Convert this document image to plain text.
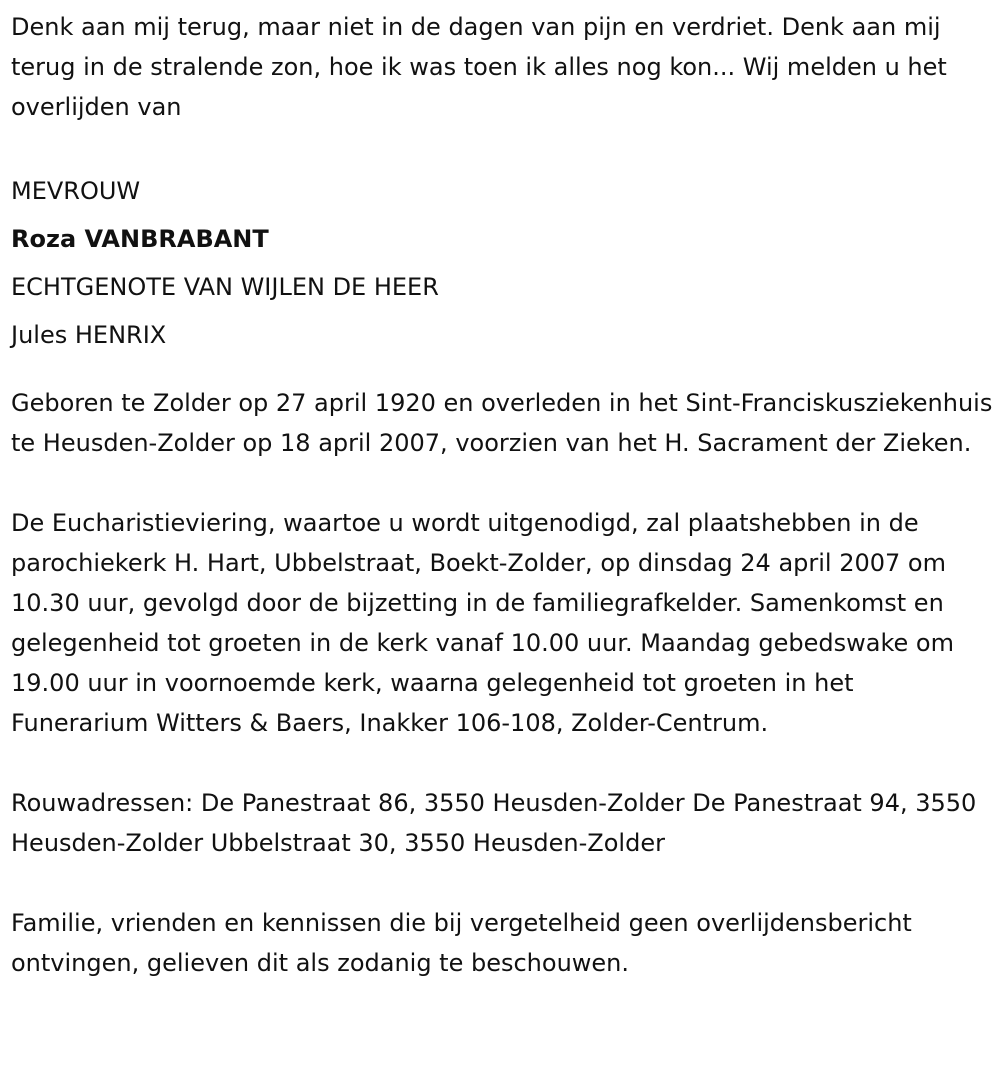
Denk aan mij terug, maar niet in de dagen van pijn en verdriet. Denk aan mij terug in de stralende zon, hoe ik was toen ik alles nog kon... Wij melden u het overlijden van

MEVROUW
Roza VANBRABANT
ECHTGENOTE VAN WIJLEN DE HEER
Jules HENRIX

Geboren te Zolder op 27 april 1920 en overleden in het Sint-Franciskusziekenhuis te Heusden-Zolder op 18 april 2007, voorzien van het H. Sacrament der Zieken.

De Eucharistieviering, waartoe u wordt uitgenodigd, zal plaatshebben in de parochiekerk H. Hart, Ubbelstraat, Boekt-Zolder, op dinsdag 24 april 2007 om 10.30 uur, gevolgd door de bijzetting in de familiegrafkelder. Samenkomst en gelegenheid tot groeten in de kerk vanaf 10.00 uur. Maandag gebedswake om 19.00 uur in voornoemde kerk, waarna gelegenheid tot groeten in het Funerarium Witters & Baers, Inakker 106-108, Zolder-Centrum.

Rouwadressen: De Panestraat 86, 3550 Heusden-Zolder De Panestraat 94, 3550 Heusden-Zolder Ubbelstraat 30, 3550 Heusden-Zolder

Familie, vrienden en kennissen die bij vergetelheid geen overlijdensbericht ontvingen, gelieven dit als zodanig te beschouwen.
